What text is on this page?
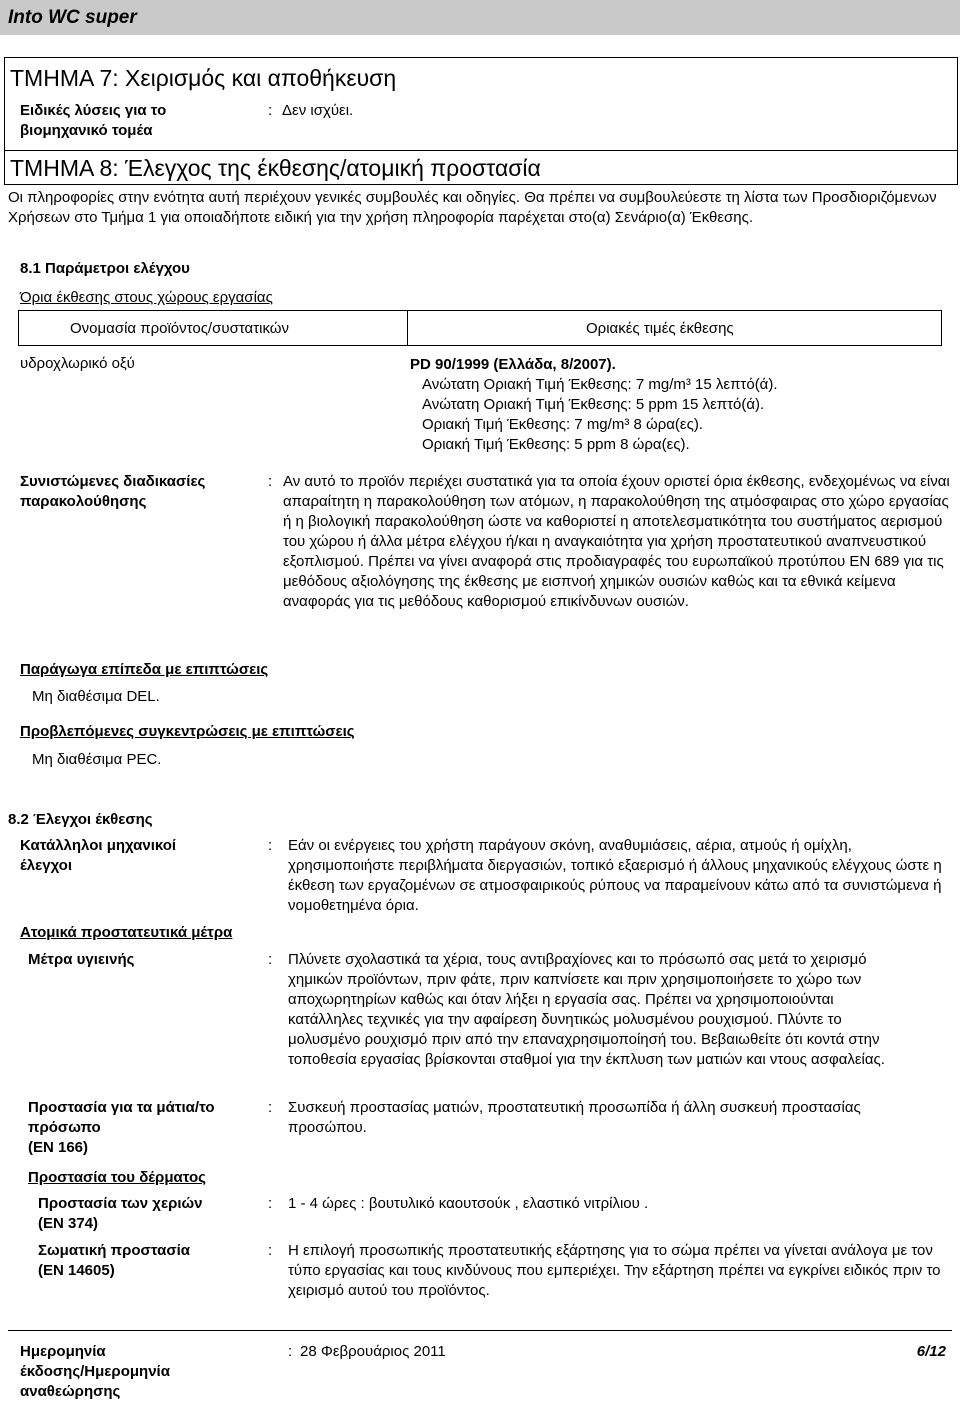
Into WC super
ΤΜΗΜΑ 7: Χειρισμός και αποθήκευση
Ειδικές λύσεις για το
βιομηχανικό τομέα
: Δεν ισχύει.
ΤΜΗΜΑ 8: Έλεγχος της έκθεσης/ατομική προστασία
Οι πληροφορίες στην ενότητα αυτή περιέχουν γενικές συμβουλές και οδηγίες. Θα πρέπει να συμβουλεύεστε τη λίστα των Προσδιοριζόμενων Χρήσεων στο Τμήμα 1 για οποιαδήποτε ειδική για την χρήση πληροφορία παρέχεται στο(α) Σενάριο(α) Έκθεσης.
8.1 Παράμετροι ελέγχου
Όρια έκθεσης στους χώρους εργασίας
Ονομασία προϊόντος/συστατικών	Οριακές τιμές έκθεσης
υδροχλωρικό οξύ	PD 90/1999 (Ελλάδα, 8/2007).
Ανώτατη Οριακή Τιμή Έκθεσης: 7 mg/m³ 15 λεπτό(ά).
Ανώτατη Οριακή Τιμή Έκθεσης: 5 ppm 15 λεπτό(ά).
Οριακή Τιμή Έκθεσης: 7 mg/m³ 8 ώρα(ες).
Οριακή Τιμή Έκθεσης: 5 ppm 8 ώρα(ες).
Συνιστώμενες διαδικασίες
παρακολούθησης
: Αν αυτό το προϊόν περιέχει συστατικά για τα οποία έχουν οριστεί όρια έκθεσης, ενδεχομένως να είναι απαραίτητη η παρακολούθηση των ατόμων, η παρακολούθηση της ατμόσφαιρας στο χώρο εργασίας ή η βιολογική παρακολούθηση ώστε να καθοριστεί η αποτελεσματικότητα του συστήματος αερισμού του χώρου ή άλλα μέτρα ελέγχου ή/και η αναγκαιότητα για χρήση προστατευτικού αναπνευστικού εξοπλισμού. Πρέπει να γίνει αναφορά στις προδιαγραφές του ευρωπαϊκού προτύπου EN 689 για τις μεθόδους αξιολόγησης της έκθεσης με εισπνοή χημικών ουσιών καθώς και τα εθνικά κείμενα αναφοράς για τις μεθόδους καθορισμού επικίνδυνων ουσιών.
Παράγωγα επίπεδα με επιπτώσεις
Μη διαθέσιμα DEL.
Προβλεπόμενες συγκεντρώσεις με επιπτώσεις
Μη διαθέσιμα PEC.
8.2 Έλεγχοι έκθεσης
Κατάλληλοι μηχανικοί
έλεγχοι
: Εάν οι ενέργειες του χρήστη παράγουν σκόνη, αναθυμιάσεις, αέρια, ατμούς ή ομίχλη, χρησιμοποιήστε περιβλήματα διεργασιών, τοπικό εξαερισμό ή άλλους μηχανικούς ελέγχους ώστε η έκθεση των εργαζομένων σε ατμοσφαιρικούς ρύπους να παραμείνουν κάτω από τα συνιστώμενα ή νομοθετημένα όρια.
Ατομικά προστατευτικά μέτρα
Μέτρα υγιεινής	: Πλύνετε σχολαστικά τα χέρια, τους αντιβραχίονες και το πρόσωπό σας μετά το χειρισμό χημικών προϊόντων, πριν φάτε, πριν καπνίσετε και πριν χρησιμοποιήσετε το χώρο των αποχωρητηρίων καθώς και όταν λήξει η εργασία σας. Πρέπει να χρησιμοποιούνται κατάλληλες τεχνικές για την αφαίρεση δυνητικώς μολυσμένου ρουχισμού. Πλύντε το μολυσμένο ρουχισμό πριν από την επαναχρησιμοποίησή του. Βεβαιωθείτε ότι κοντά στην τοποθεσία εργασίας βρίσκονται σταθμοί για την έκπλυση των ματιών και ντους ασφαλείας.
Προστασία για τα μάτια/το
πρόσωπο
(EN 166)
: Συσκευή προστασίας ματιών, προστατευτική προσωπίδα ή άλλη συσκευή προστασίας προσώπου.
Προστασία του δέρματος
Προστασία των χεριών
(EN 374)
: 1 - 4 ώρες : βουτυλικό καουτσούκ , ελαστικό νιτρίλιου .
Σωματική προστασία
(EN 14605)
: Η επιλογή προσωπικής προστατευτικής εξάρτησης για το σώμα πρέπει να γίνεται ανάλογα με τον τύπο εργασίας και τους κινδύνους που εμπεριέχει. Την εξάρτηση πρέπει να εγκρίνει ειδικός πριν το χειρισμό αυτού του προϊόντος.
Ημερομηνία
έκδοσης/Ημερομηνία
αναθεώρησης
: 28 Φεβρουάριος 2011	6/12
